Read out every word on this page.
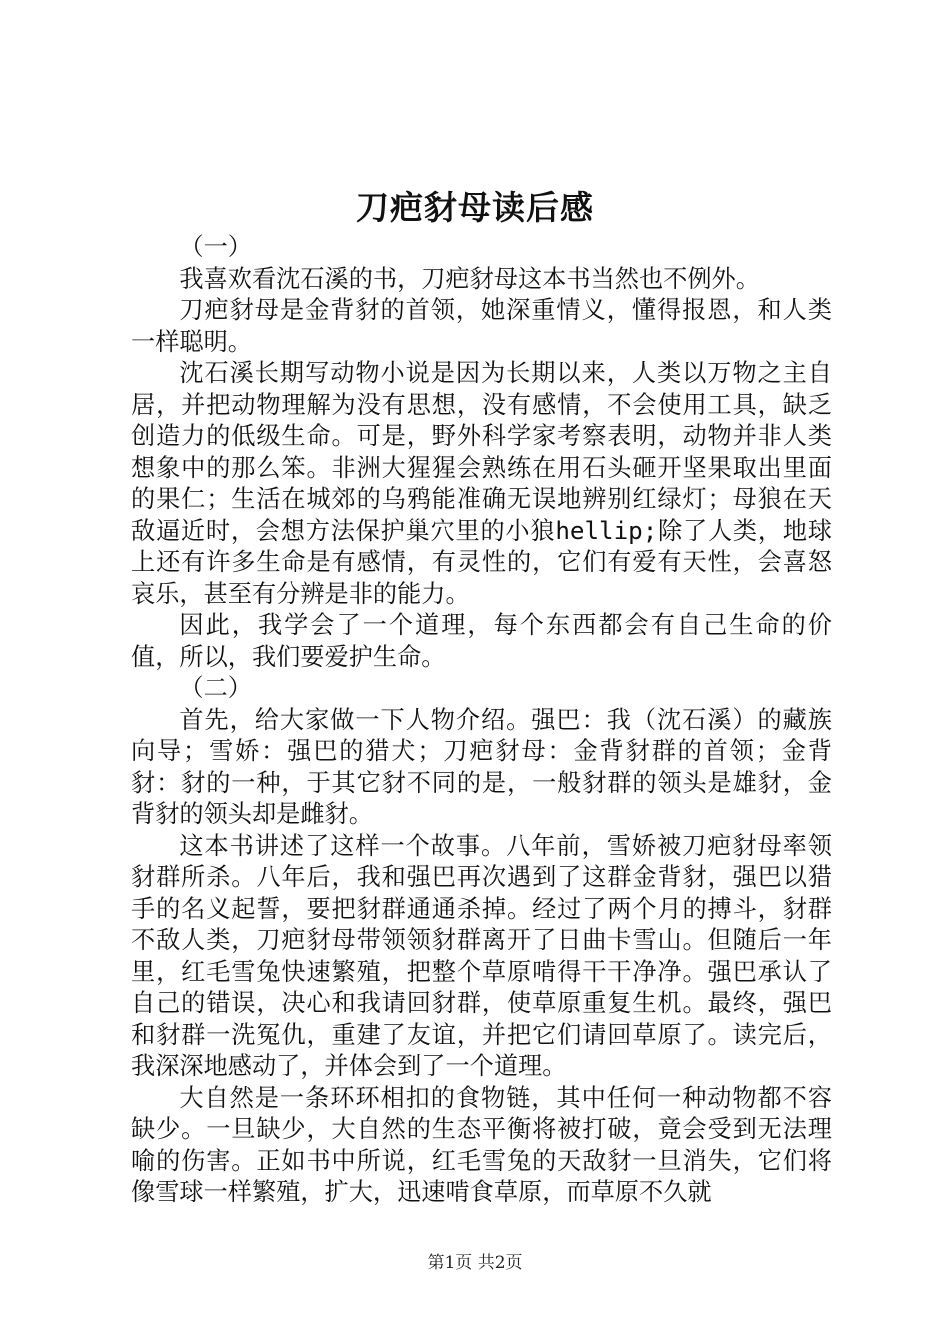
刀疤豺母读后感

（一）

我喜欢看沈石溪的书，刀疤豺母这本书当然也不例外。

刀疤豺母是金背豺的首领，她深重情义，懂得报恩，和人类一样聪明。

沈石溪长期写动物小说是因为长期以来，人类以万物之主自居，并把动物理解为没有思想，没有感情，不会使用工具，缺乏创造力的低级生命。可是，野外科学家考察表明，动物并非人类想象中的那么笨。非洲大猩猩会熟练在用石头砸开坚果取出里面的果仁；生活在城郊的乌鸦能准确无误地辨别红绿灯；母狼在天敌逼近时，会想方法保护巢穴里的小狼hellip;除了人类，地球上还有许多生命是有感情，有灵性的，它们有爱有天性，会喜怒哀乐，甚至有分辨是非的能力。

因此，我学会了一个道理，每个东西都会有自己生命的价值，所以，我们要爱护生命。

（二）

首先，给大家做一下人物介绍。强巴：我（沈石溪）的藏族向导；雪娇：强巴的猎犬；刀疤豺母：金背豺群的首领；金背豺：豺的一种，于其它豺不同的是，一般豺群的领头是雄豺，金背豺的领头却是雌豺。

这本书讲述了这样一个故事。八年前，雪娇被刀疤豺母率领豺群所杀。八年后，我和强巴再次遇到了这群金背豺，强巴以猎手的名义起誓，要把豺群通通杀掉。经过了两个月的搏斗，豺群不敌人类，刀疤豺母带领领豺群离开了日曲卡雪山。但随后一年里，红毛雪兔快速繁殖，把整个草原啃得干干净净。强巴承认了自己的错误，决心和我请回豺群，使草原重复生机。最终，强巴和豺群一洗冤仇，重建了友谊，并把它们请回草原了。读完后，我深深地感动了，并体会到了一个道理。

大自然是一条环环相扣的食物链，其中任何一种动物都不容缺少。一旦缺少，大自然的生态平衡将被打破，竟会受到无法理喻的伤害。正如书中所说，红毛雪兔的天敌豺一旦消失，它们将像雪球一样繁殖，扩大，迅速啃食草原，而草原不久就

第1页 共2页
